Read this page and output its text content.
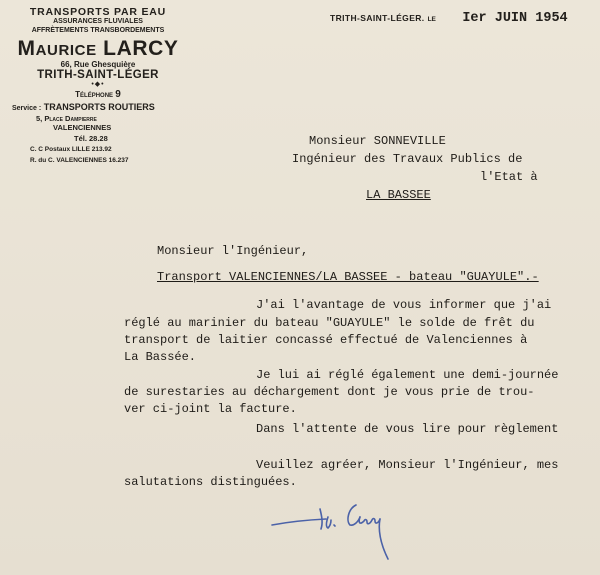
TRANSPORTS PAR EAU
ASSURANCES FLUVIALES
AFFRÈTEMENTS TRANSBORDEMENTS
Maurice LARCY
66, Rue Ghesquière
TRITH-SAINT-LÉGER
•◆•
Téléphone 9
Service : TRANSPORTS ROUTIERS
5, Place Dampierre
VALENCIENNES
Tél. 28.28
C. C Postaux LILLE 213.92
R. du C. VALENCIENNES 16.237
TRITH-SAINT-LÉGER. LE Ier JUIN 1954
Monsieur SONNEVILLE
Ingénieur des Travaux Publics de
l'Etat à
LA BASSEE
Monsieur l'Ingénieur,
Transport VALENCIENNES/LA BASSEE - bateau "GUAYULE".-
J'ai l'avantage de vous informer que j'ai
réglé au marinier du bateau "GUAYULE" le solde de frêt du
transport de laitier concassé effectué de Valenciennes à
La Bassée.
Je lui ai réglé également une demi-journée
de surestaries au déchargement dont je vous prie de trou-
ver ci-joint la facture.
Dans l'attente de vous lire pour règlement
Veuillez agréer, Monsieur l'Ingénieur, mes
salutations distinguées.
